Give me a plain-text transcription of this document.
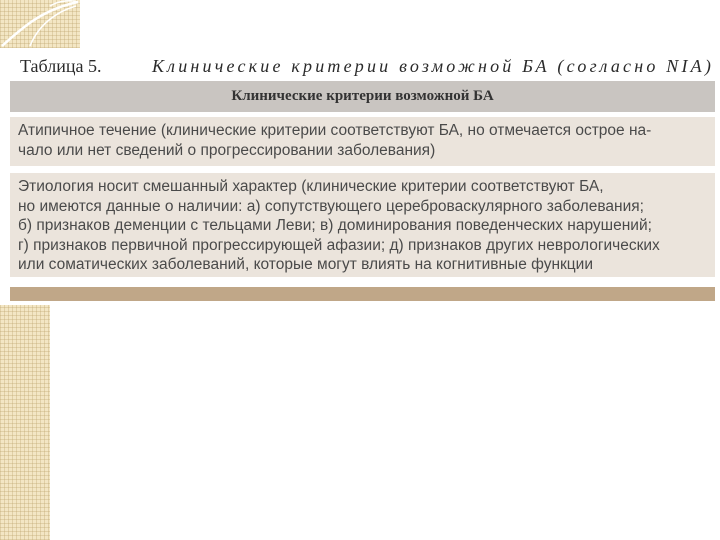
Таблица 5.	Клинические критерии возможной БА (согласно NIA)
Клинические критерии возможной БА
Атипичное течение (клинические критерии соответствуют БА, но отмечается острое на-
чало или нет сведений о прогрессировании заболевания)
Этиология носит смешанный характер (клинические критерии соответствуют БА,
но имеются данные о наличии: а) сопутствующего цереброваскулярного заболевания;
б) признаков деменции с тельцами Леви; в) доминирования поведенческих нарушений;
г) признаков первичной прогрессирующей афазии; д) признаков других неврологических
или соматических заболеваний, которые могут влиять на когнитивные функции
